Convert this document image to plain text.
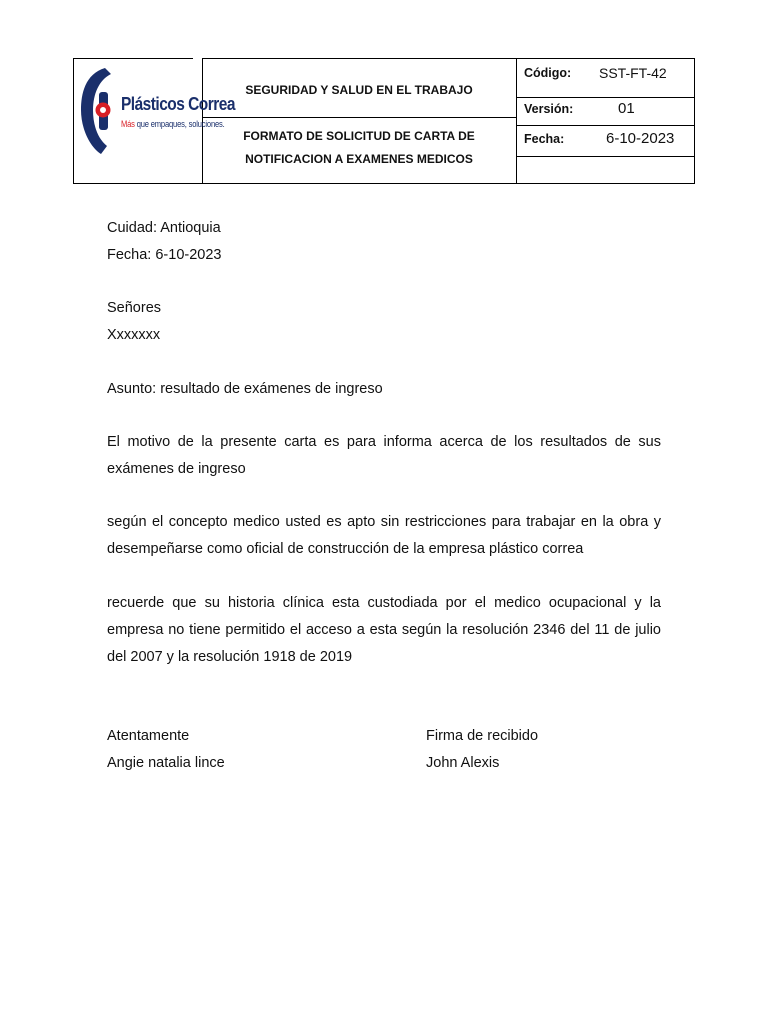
Plásticos Correa
Más que empaques, soluciones.
SEGURIDAD Y SALUD EN EL TRABAJO
FORMATO DE SOLICITUD DE CARTA DE
NOTIFICACION A EXAMENES MEDICOS
Código: SST-FT-42
Versión:	01
Fecha:	6-10-2023
Cuidad: Antioquia
Fecha: 6-10-2023
Señores
Xxxxxxx
Asunto: resultado de exámenes de ingreso
El motivo de la presente carta es para informa acerca de los resultados de sus exámenes de ingreso
según el concepto medico usted es apto sin restricciones para trabajar en la obra y desempeñarse como oficial de construcción de la empresa plástico correa
recuerde que su historia clínica esta custodiada por el medico ocupacional y la empresa no tiene permitido el acceso a esta según la resolución 2346 del 11 de julio del 2007 y la resolución 1918 de 2019
Atentamente
Angie natalia lince
Firma de recibido
John Alexis
